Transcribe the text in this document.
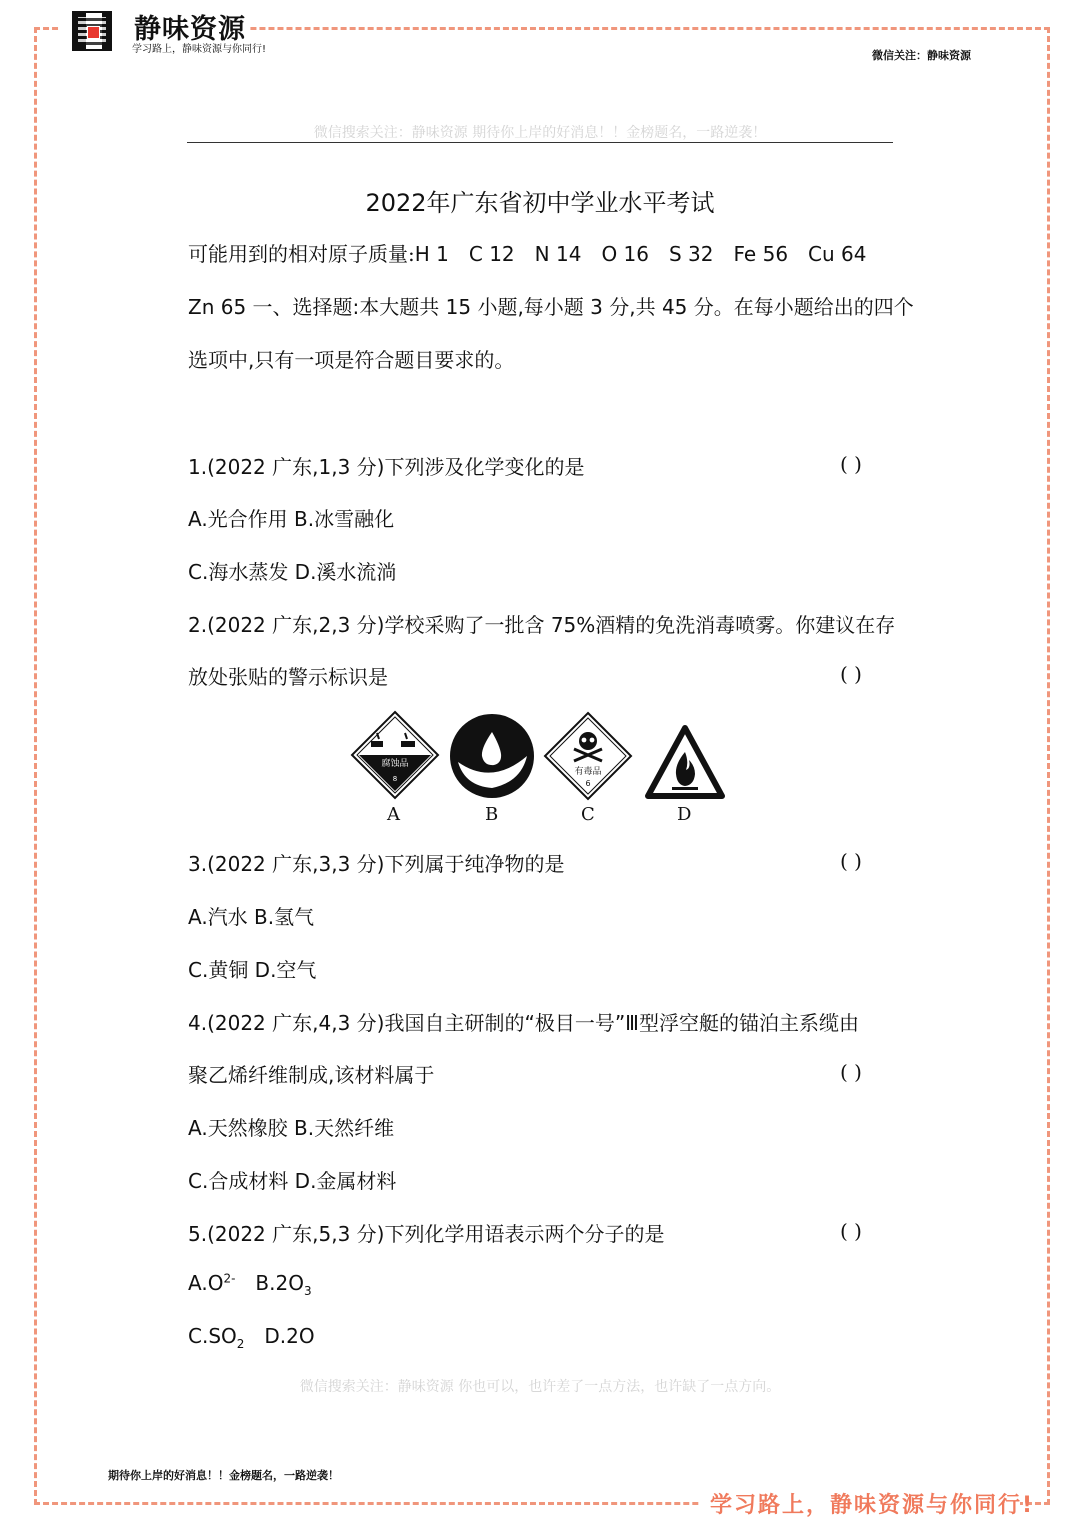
静味资源
学习路上，静味资源与你同行!	微信关注：静味资源
微信搜索关注：静味资源 期待你上岸的好消息！！金榜题名，一路逆袭！
2022年广东省初中学业水平考试
可能用到的相对原子质量:H 1 C 12 N 14 O 16 S 32 Fe 56 Cu 64
Zn 65 一、选择题:本大题共 15 小题,每小题 3 分,共 45 分。在每小题给出的四个
选项中,只有一项是符合题目要求的。
1.(2022 广东,1,3 分)下列涉及化学变化的是	( )
A.光合作用 B.冰雪融化
C.海水蒸发 D.溪水流淌
2.(2022 广东,2,3 分)学校采购了一批含 75%酒精的免洗消毒喷雾。你建议在存
放处张贴的警示标识是	( )
腐蚀品
8
有毒品
6
A	B	C	D
3.(2022 广东,3,3 分)下列属于纯净物的是	( )
A.汽水 B.氢气
C.黄铜 D.空气
4.(2022 广东,4,3 分)我国自主研制的“极目一号”Ⅲ型浮空艇的锚泊主系缆由
聚乙烯纤维制成,该材料属于	( )
A.天然橡胶 B.天然纤维
C.合成材料 D.金属材料
5.(2022 广东,5,3 分)下列化学用语表示两个分子的是	( )
$A.O^{2-}$ $B.2O_3$
$C.SO_2$ D.2O
微信搜索关注：静味资源 你也可以，也许差了一点方法，也许缺了一点方向。
期待你上岸的好消息！！金榜题名，一路逆袭！
学习路上，静味资源与你同行!
